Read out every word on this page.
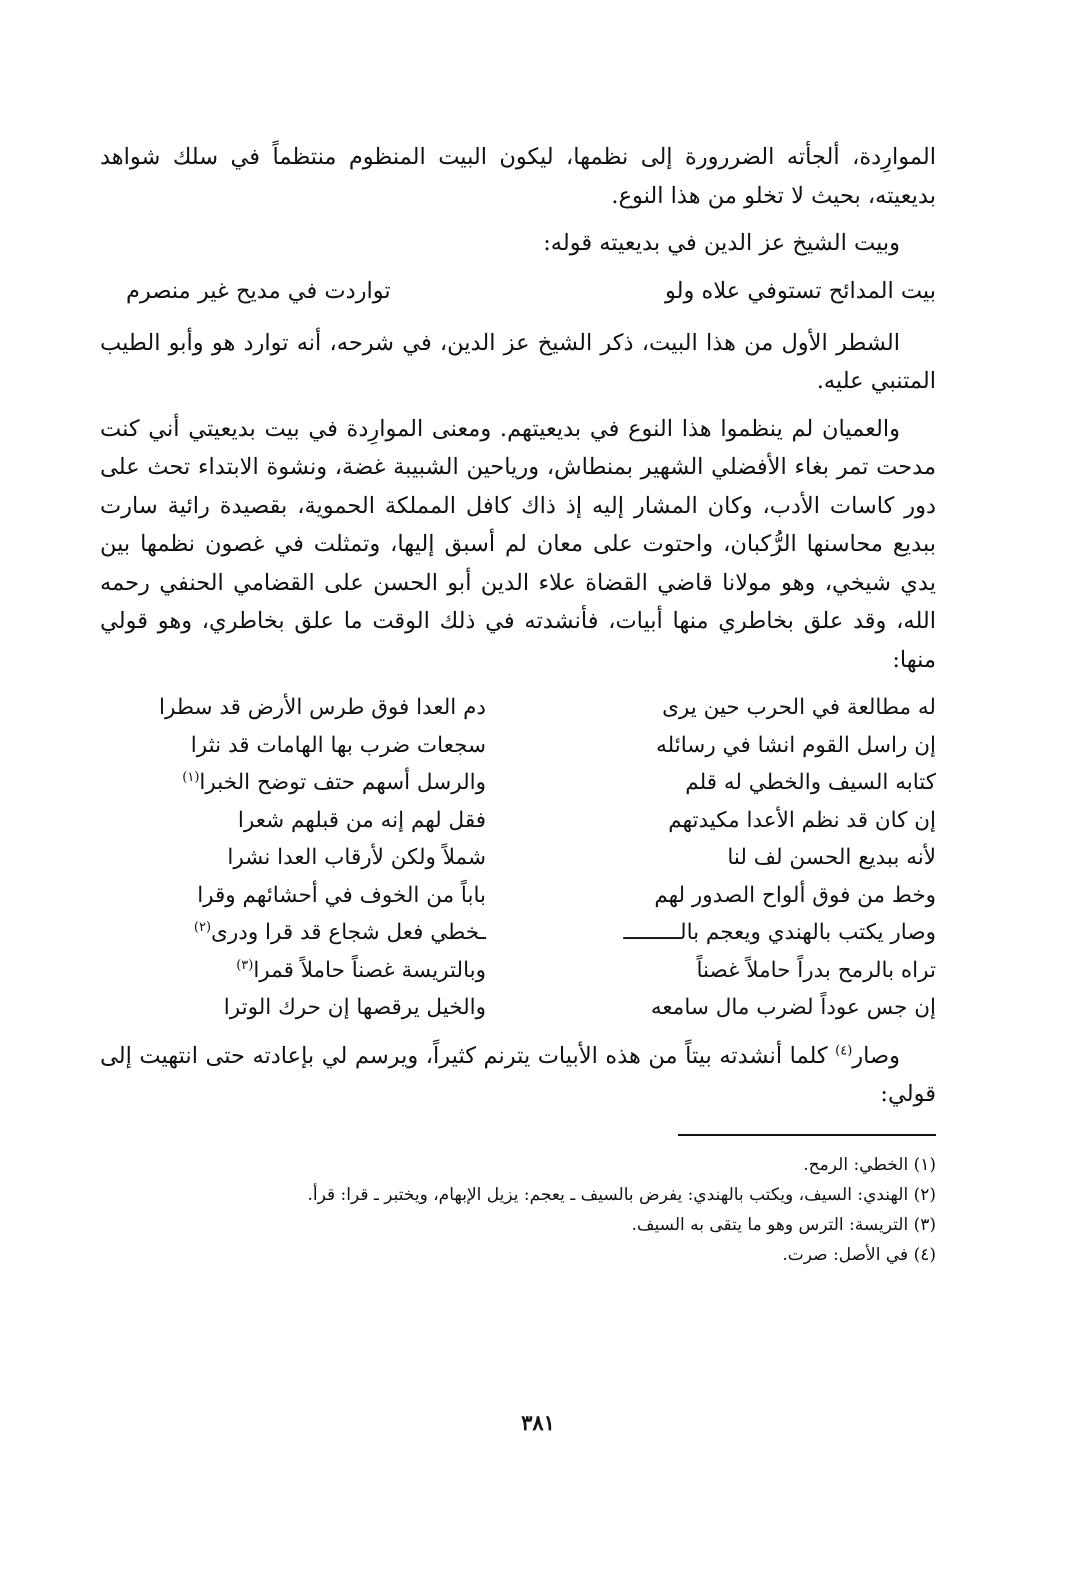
الموارِدة، ألجأته الضررورة إلى نظمها، ليكون البيت المنظوم منتظماً في سلك شواهد بديعيته، بحيث لا تخلو من هذا النوع.

وبيت الشيخ عز الدين في بديعيته قوله:

بيت المدائح تستوفي علاه ولو
تواردت في مديح غير منصرم

الشطر الأول من هذا البيت، ذكر الشيخ عز الدين، في شرحه، أنه توارد هو وأبو الطيب المتنبي عليه.

والعميان لم ينظموا هذا النوع في بديعيتهم. ومعنى الموارِدة في بيت بديعيتي أني كنت مدحت تمر بغاء الأفضلي الشهير بمنطاش، ورياحين الشبيبة غضة، ونشوة الابتداء تحث على دور كاسات الأدب، وكان المشار إليه إذ ذاك كافل المملكة الحموية، بقصيدة رائية سارت ببديع محاسنها الرُّكبان، واحتوت على معان لم أسبق إليها، وتمثلت في غصون نظمها بين يدي شيخي، وهو مولانا قاضي القضاة علاء الدين أبو الحسن على القضامي الحنفي رحمه الله، وقد علق بخاطري منها أبيات، فأنشدته في ذلك الوقت ما علق بخاطري، وهو قولي منها:

له مطالعة في الحرب حين يرى
دم العدا فوق طرس الأرض قد سطرا
إن راسل القوم انشا في رسائله
سجعات ضرب بها الهامات قد نثرا
كتابه السيف والخطي له قلم
والرسل أسهم حتف توضح الخبرا$^{(١)}$
إن كان قد نظم الأعدا مكيدتهم
فقل لهم إنه من قبلهم شعرا
لأنه ببديع الحسن لف لنا
شملاً ولكن لأرقاب العدا نشرا
وخط من فوق ألواح الصدور لهم
باباً من الخوف في أحشائهم وقرا
وصار يكتب بالهندي ويعجم بالـــــــــ
ـخطي فعل شجاع قد قرا ودرى$^{(٢)}$
تراه بالرمح بدراً حاملاً غصناً
وبالتريسة غصناً حاملاً قمرا$^{(٣)}$
إن جس عوداً لضرب مال سامعه
والخيل يرقصها إن حرك الوترا

وصار$^{(٤)}$ كلما أنشدته بيتاً من هذه الأبيات يترنم كثيراً، ويرسم لي بإعادته حتى انتهيت إلى قولي:

(١) الخطي: الرمح.

(٢) الهندي: السيف، ويكتب بالهندي: يفرض بالسيف ـ يعجم: يزيل الإبهام، ويختبر ـ قرا: قرأ.

(٣) التريسة: الترس وهو ما يتقى به السيف.

(٤) في الأصل: صرت.

٣٨١
